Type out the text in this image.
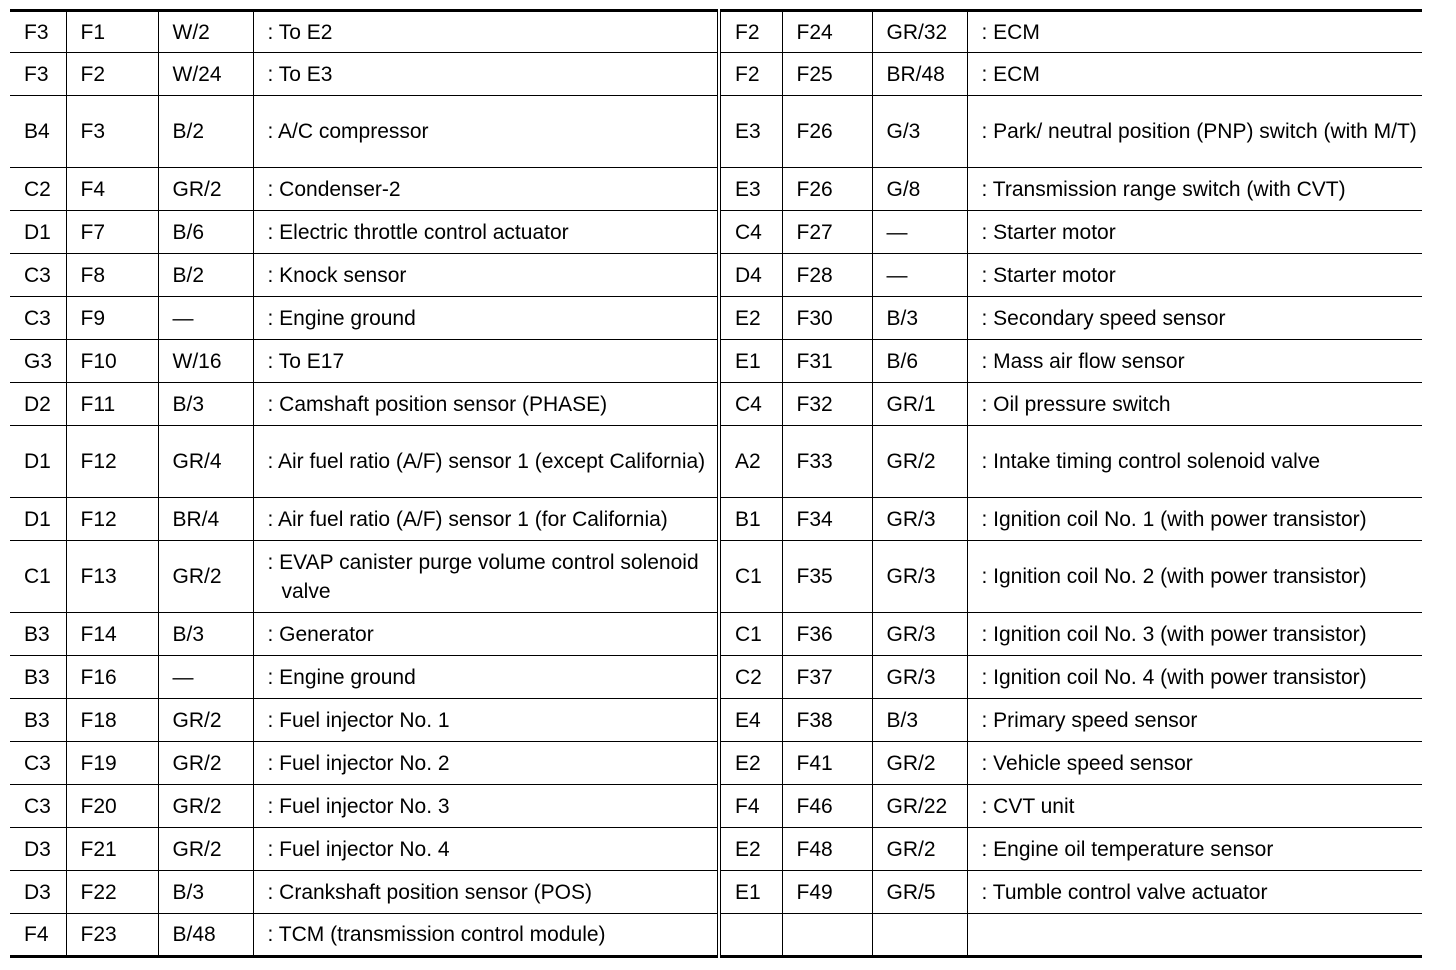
F3	F1	W/2	: To E2	F2	F24	GR/32	: ECM
F3	F2	W/24	: To E3	F2	F25	BR/48	: ECM
B4	F3	B/2	: A/C compressor	E3	F26	G/3	: Park/ neutral position (PNP) switch (with M/T)
C2	F4	GR/2	: Condenser-2	E3	F26	G/8	: Transmission range switch (with CVT)
D1	F7	B/6	: Electric throttle control actuator	C4	F27	—	: Starter motor
C3	F8	B/2	: Knock sensor	D4	F28	—	: Starter motor
C3	F9	—	: Engine ground	E2	F30	B/3	: Secondary speed sensor
G3	F10	W/16	: To E17	E1	F31	B/6	: Mass air flow sensor
D2	F11	B/3	: Camshaft position sensor (PHASE)	C4	F32	GR/1	: Oil pressure switch
D1	F12	GR/4	: Air fuel ratio (A/F) sensor 1 (except California)	A2	F33	GR/2	: Intake timing control solenoid valve
D1	F12	BR/4	: Air fuel ratio (A/F) sensor 1 (for California)	B1	F34	GR/3	: Ignition coil No. 1 (with power transistor)
C1	F13	GR/2	: EVAP canister purge volume control solenoid valve	C1	F35	GR/3	: Ignition coil No. 2 (with power transistor)
B3	F14	B/3	: Generator	C1	F36	GR/3	: Ignition coil No. 3 (with power transistor)
B3	F16	—	: Engine ground	C2	F37	GR/3	: Ignition coil No. 4 (with power transistor)
B3	F18	GR/2	: Fuel injector No. 1	E4	F38	B/3	: Primary speed sensor
C3	F19	GR/2	: Fuel injector No. 2	E2	F41	GR/2	: Vehicle speed sensor
C3	F20	GR/2	: Fuel injector No. 3	F4	F46	GR/22	: CVT unit
D3	F21	GR/2	: Fuel injector No. 4	E2	F48	GR/2	: Engine oil temperature sensor
D3	F22	B/3	: Crankshaft position sensor (POS)	E1	F49	GR/5	: Tumble control valve actuator
F4	F23	B/48	: TCM (transmission control module)				
